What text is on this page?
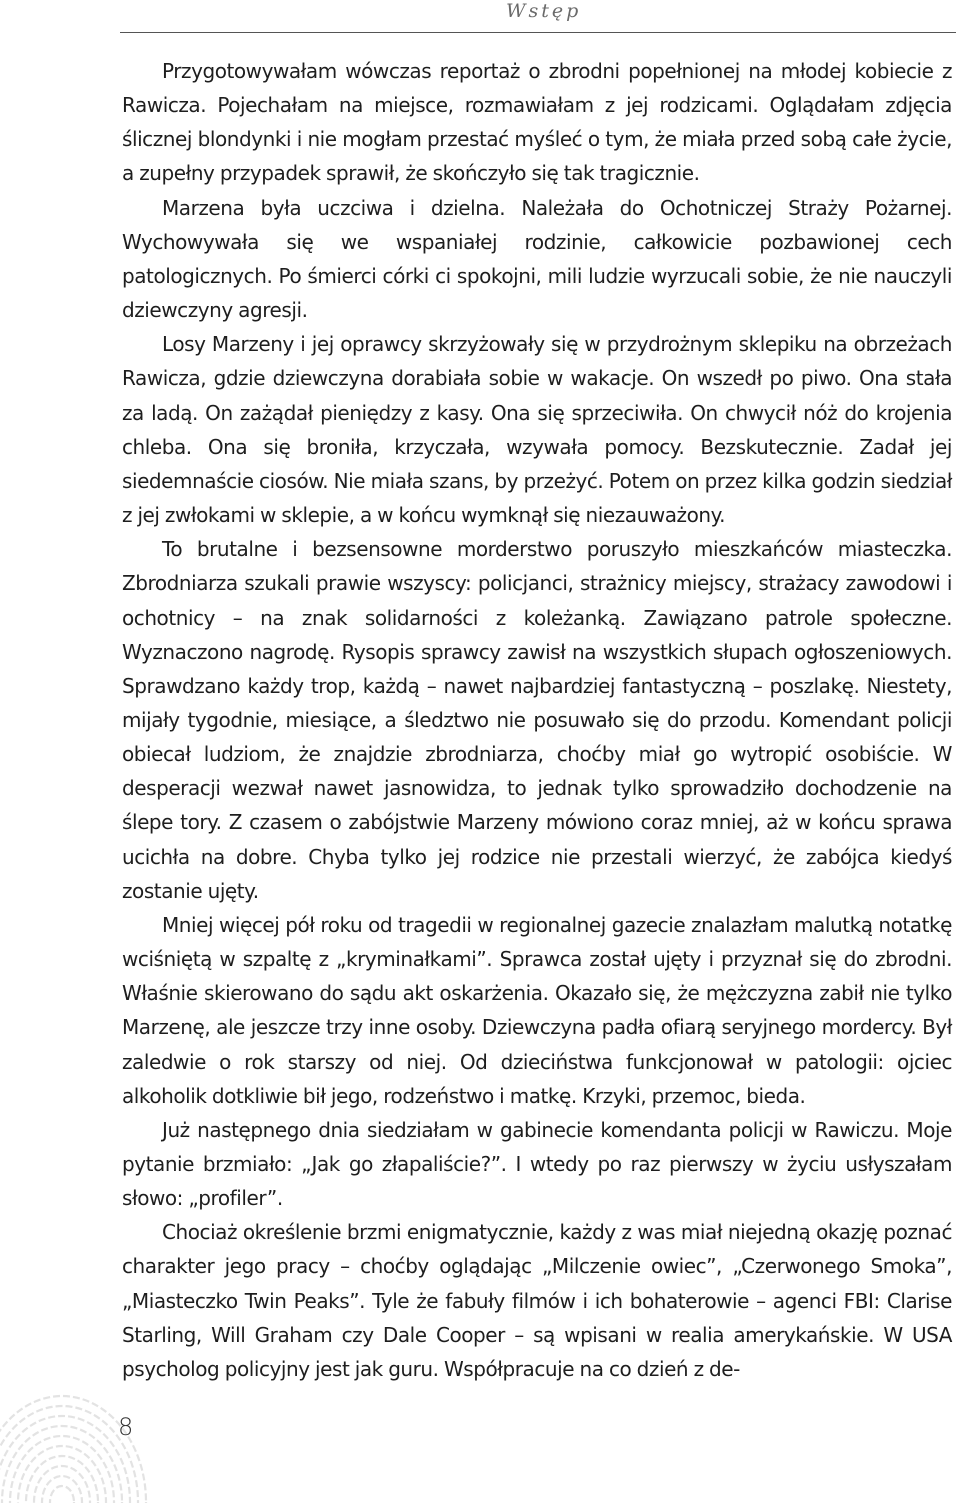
Wstęp

Przygotowywałam wówczas reportaż o zbrodni popełnionej na młodej kobiecie z Rawicza. Pojechałam na miejsce, rozmawiałam z jej rodzicami. Oglądałam zdjęcia ślicznej blondynki i nie mogłam przestać myśleć o tym, że miała przed sobą całe życie, a zupełny przypadek sprawił, że skończyło się tak tragicznie.

Marzena była uczciwa i dzielna. Należała do Ochotniczej Straży Pożarnej. Wychowywała się we wspaniałej rodzinie, całkowicie pozbawionej cech patologicznych. Po śmierci córki ci spokojni, mili ludzie wyrzucali sobie, że nie nauczyli dziewczyny agresji.

Losy Marzeny i jej oprawcy skrzyżowały się w przydrożnym sklepiku na obrzeżach Rawicza, gdzie dziewczyna dorabiała sobie w wakacje. On wszedł po piwo. Ona stała za ladą. On zażądał pieniędzy z kasy. Ona się sprzeciwiła. On chwycił nóż do krojenia chleba. Ona się broniła, krzyczała, wzywała pomocy. Bezskutecznie. Zadał jej siedemnaście ciosów. Nie miała szans, by przeżyć. Potem on przez kilka godzin siedział z jej zwłokami w sklepie, a w końcu wymknął się niezauważony.

To brutalne i bezsensowne morderstwo poruszyło mieszkańców miasteczka. Zbrodniarza szukali prawie wszyscy: policjanci, strażnicy miejscy, strażacy zawodowi i ochotnicy – na znak solidarności z koleżanką. Zawiązano patrole społeczne. Wyznaczono nagrodę. Rysopis sprawcy zawisł na wszystkich słupach ogłoszeniowych. Sprawdzano każdy trop, każdą – nawet najbardziej fantastyczną – poszlakę. Niestety, mijały tygodnie, miesiące, a śledztwo nie posuwało się do przodu. Komendant policji obiecał ludziom, że znajdzie zbrodniarza, choćby miał go wytropić osobiście. W desperacji wezwał nawet jasnowidza, to jednak tylko sprowadziło dochodzenie na ślepe tory. Z czasem o zabójstwie Marzeny mówiono coraz mniej, aż w końcu sprawa ucichła na dobre. Chyba tylko jej rodzice nie przestali wierzyć, że zabójca kiedyś zostanie ujęty.

Mniej więcej pół roku od tragedii w regionalnej gazecie znalazłam malutką notatkę wciśniętą w szpaltę z „kryminałkami”. Sprawca został ujęty i przyznał się do zbrodni. Właśnie skierowano do sądu akt oskarżenia. Okazało się, że mężczyzna zabił nie tylko Marzenę, ale jeszcze trzy inne osoby. Dziewczyna padła ofiarą seryjnego mordercy. Był zaledwie o rok starszy od niej. Od dzieciństwa funkcjonował w patologii: ojciec alkoholik dotkliwie bił jego, rodzeństwo i matkę. Krzyki, przemoc, bieda.

Już następnego dnia siedziałam w gabinecie komendanta policji w Rawiczu. Moje pytanie brzmiało: „Jak go złapaliście?”. I wtedy po raz pierwszy w życiu usłyszałam słowo: „profiler”.

Chociaż określenie brzmi enigmatycznie, każdy z was miał niejedną okazję poznać charakter jego pracy – choćby oglądając „Milczenie owiec”, „Czerwonego Smoka”, „Miasteczko Twin Peaks”. Tyle że fabuły filmów i ich bohaterowie – agenci FBI: Clarise Starling, Will Graham czy Dale Cooper – są wpisani w realia amerykańskie. W USA psycholog policyjny jest jak guru. Współpracuje na co dzień z de-

8
